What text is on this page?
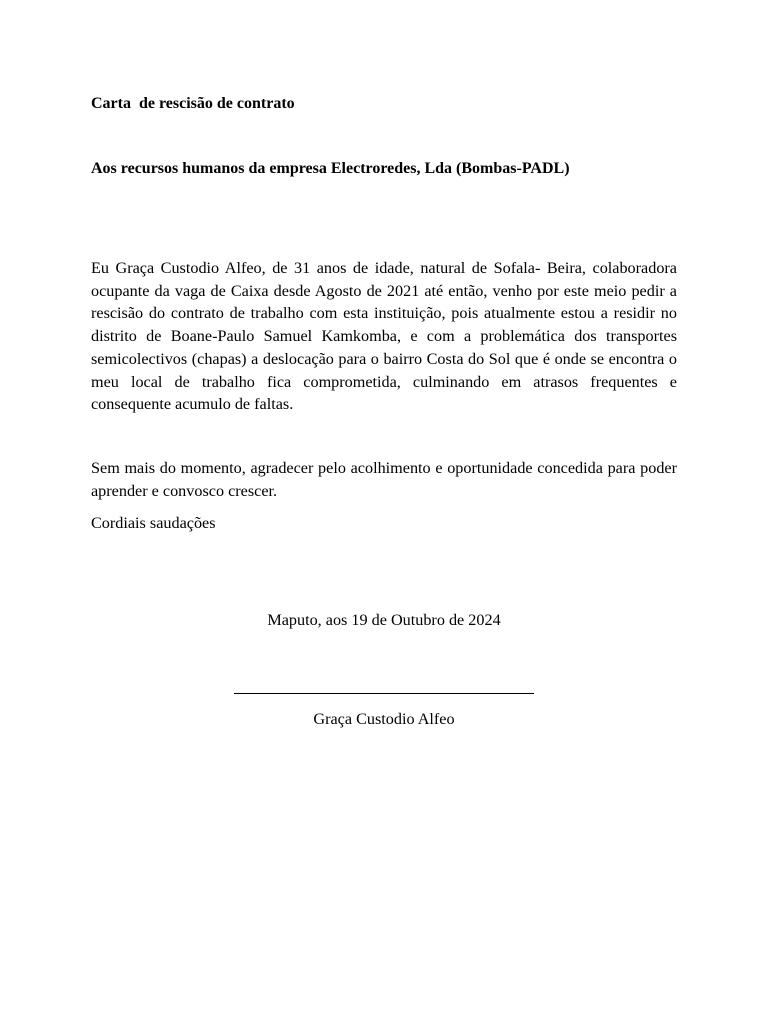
Carta  de rescisão de contrato
Aos recursos humanos da empresa Electroredes, Lda (Bombas-PADL)
Eu Graça Custodio Alfeo, de 31 anos de idade, natural de Sofala- Beira, colaboradora ocupante da vaga de Caixa desde Agosto de 2021 até então, venho por este meio pedir a rescisão do contrato de trabalho com esta instituição, pois atualmente estou a residir no distrito de Boane-Paulo Samuel Kamkomba, e com a problemática dos transportes semicolectivos (chapas) a deslocação para o bairro Costa do Sol que é onde se encontra o meu local de trabalho fica comprometida, culminando em atrasos frequentes e consequente acumulo de faltas.
Sem mais do momento, agradecer pelo acolhimento e oportunidade concedida para poder aprender e convosco crescer.
Cordiais saudações
Maputo, aos 19 de Outubro de 2024
Graça Custodio Alfeo
